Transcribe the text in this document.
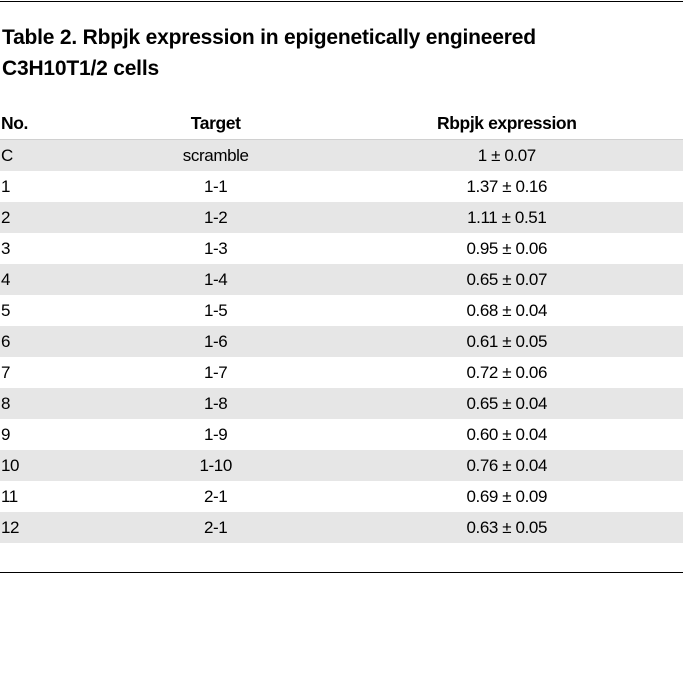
Table 2. Rbpjk expression in epigenetically engineered C3H10T1/2 cells
No.	Target	Rbpjk expression
C	scramble	1 ± 0.07
1	1-1	1.37 ± 0.16
2	1-2	1.11 ± 0.51
3	1-3	0.95 ± 0.06
4	1-4	0.65 ± 0.07
5	1-5	0.68 ± 0.04
6	1-6	0.61 ± 0.05
7	1-7	0.72 ± 0.06
8	1-8	0.65 ± 0.04
9	1-9	0.60 ± 0.04
10	1-10	0.76 ± 0.04
11	2-1	0.69 ± 0.09
12	2-1	0.63 ± 0.05
